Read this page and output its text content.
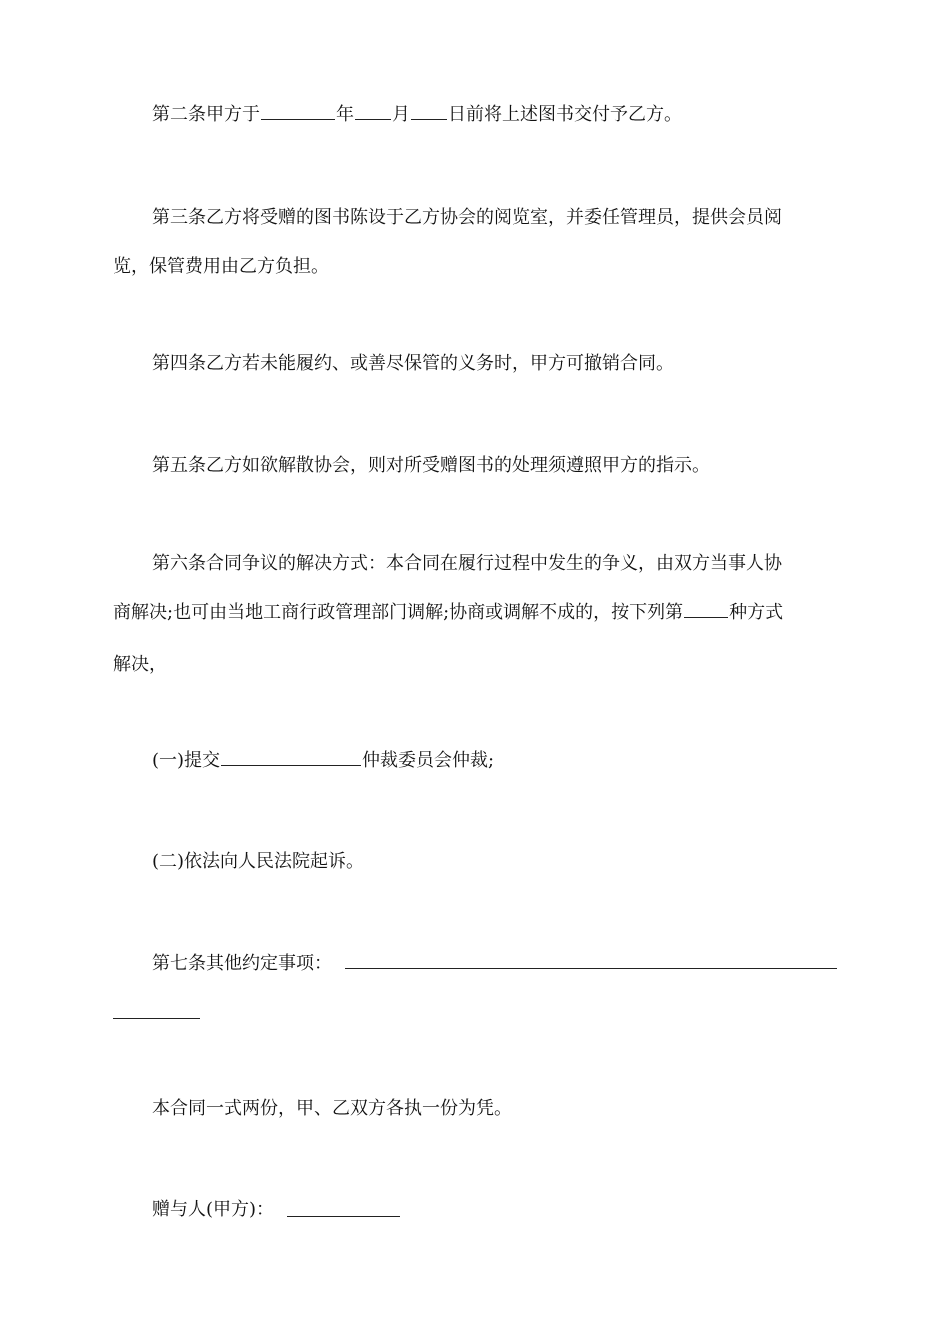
第二条甲方于	年 月 日前将上述图书交付予乙方。
第三条乙方将受赠的图书陈设于乙方协会的阅览室，并委任管理员，提供会员阅
览，保管费用由乙方负担。
第四条乙方若未能履约、或善尽保管的义务时，甲方可撤销合同。
第五条乙方如欲解散协会，则对所受赠图书的处理须遵照甲方的指示。
第六条合同争议的解决方式：本合同在履行过程中发生的争义，由双方当事人协
商解决;也可由当地工商行政管理部门调解;协商或调解不成的，按下列第	种方式
解决，
(一)提交	仲裁委员会仲裁;
(二)依法向人民法院起诉。
第七条其他约定事项：
本合同一式两份，甲、乙双方各执一份为凭。
赠与人(甲方)：
